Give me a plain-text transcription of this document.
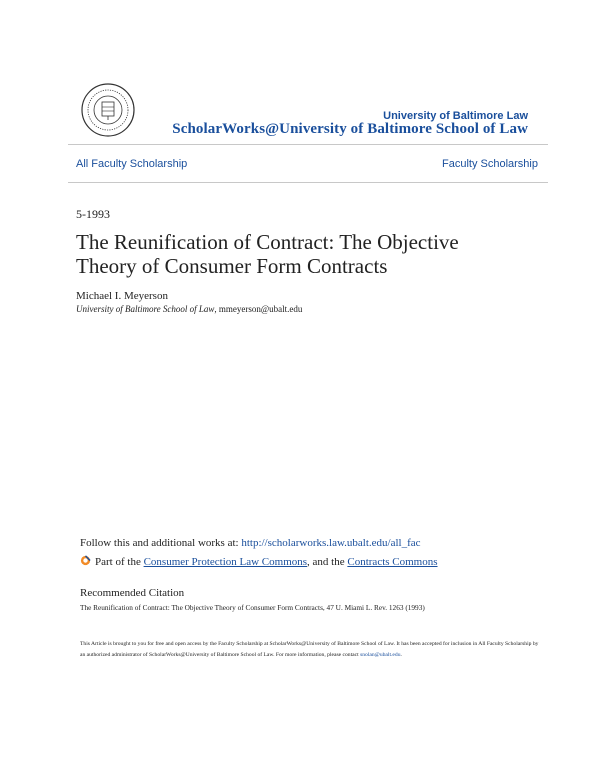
University of Baltimore Law
ScholarWorks@University of Baltimore School of Law
All Faculty Scholarship	Faculty Scholarship
5-1993
The Reunification of Contract: The Objective
Theory of Consumer Form Contracts
Michael I. Meyerson
University of Baltimore School of Law, mmeyerson@ubalt.edu
Follow this and additional works at: http://scholarworks.law.ubalt.edu/all_fac
Part of the Consumer Protection Law Commons, and the Contracts Commons
Recommended Citation
The Reunification of Contract: The Objective Theory of Consumer Form Contracts, 47 U. Miami L. Rev. 1263 (1993)
This Article is brought to you for free and open access by the Faculty Scholarship at ScholarWorks@University of Baltimore School of Law. It has been accepted for inclusion in All Faculty Scholarship by an authorized administrator of ScholarWorks@University of Baltimore School of Law. For more information, please contact snolan@ubalt.edu.
